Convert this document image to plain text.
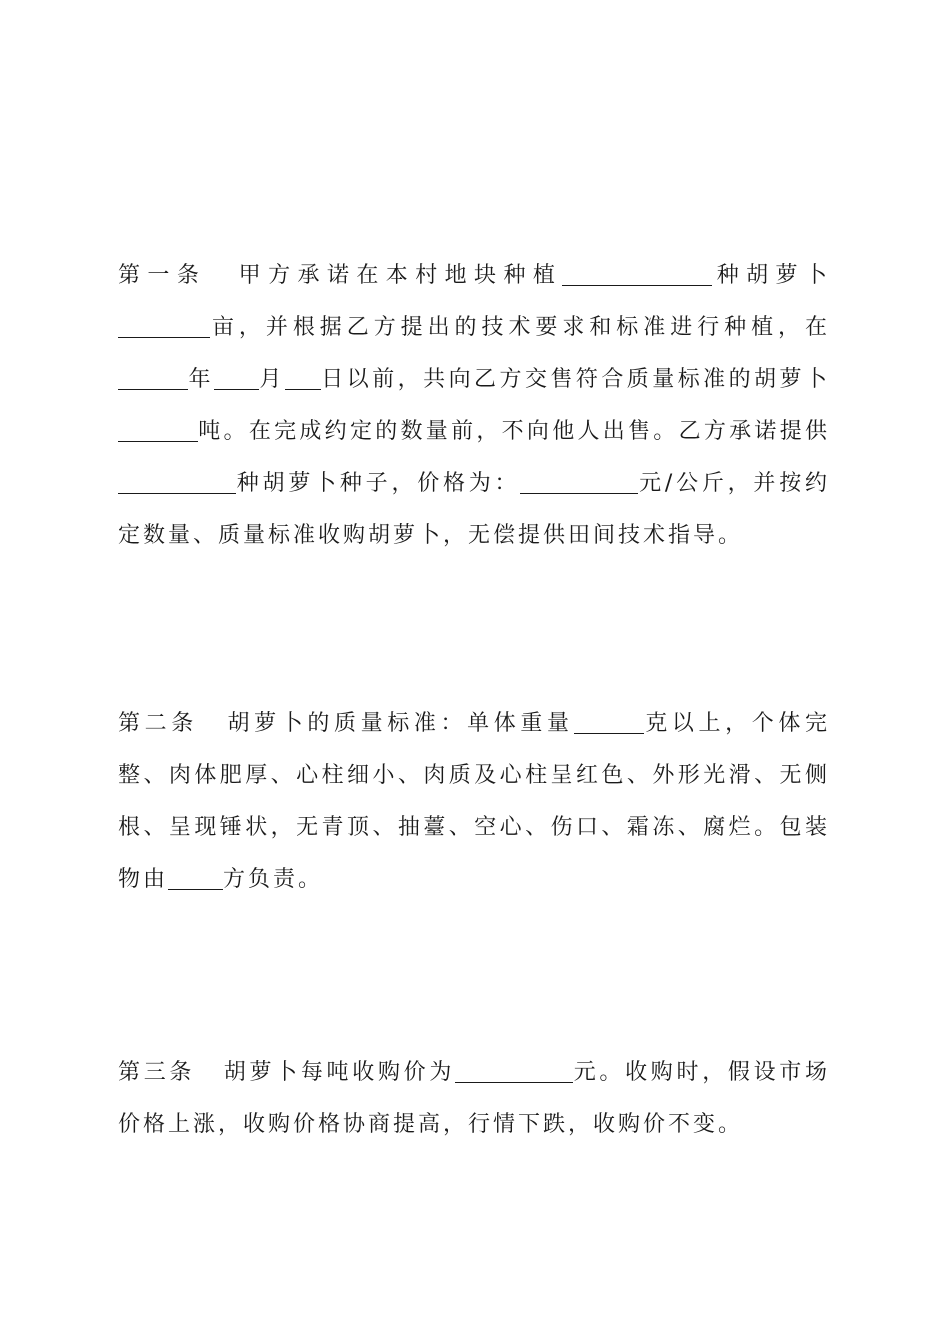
第一条 甲方承诺在本村地块种植	种胡萝卜亩，并根据乙方提出的技术要求和标准进行种植，在年 月 日以前，共向乙方交售符合质量标准的胡萝卜吨。在完成约定的数量前，不向他人出售。乙方承诺提供种胡萝卜种子，价格为：	元/公斤，并按约定数量、质量标准收购胡萝卜，无偿提供田间技术指导。
第二条 胡萝卜的质量标准：单体重量	克以上，个体完整、肉体肥厚、心柱细小、肉质及心柱呈红色、外形光滑、无侧根、呈现锤状，无青顶、抽薹、空心、伤口、霜冻、腐烂。包装物由	方负责。
第三条 胡萝卜每吨收购价为	元。收购时，假设市场价格上涨，收购价格协商提高，行情下跌，收购价不变。
